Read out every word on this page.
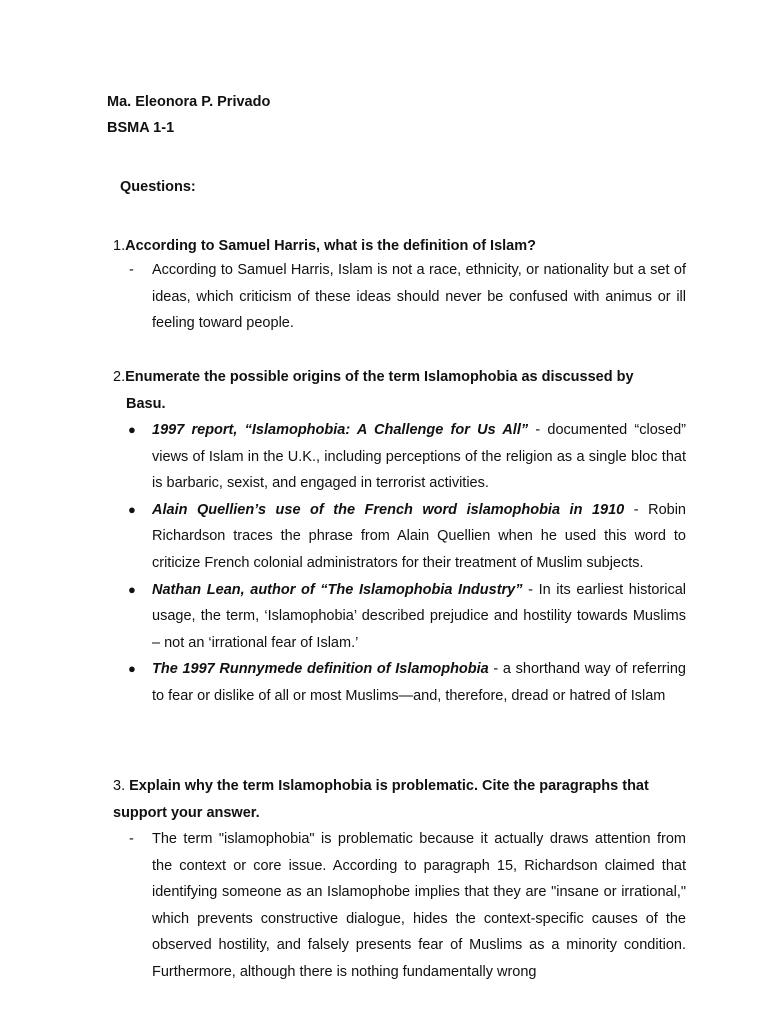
Ma. Eleonora P. Privado
BSMA 1-1
Questions:
1.According to Samuel Harris, what is the definition of Islam?
- According to Samuel Harris, Islam is not a race, ethnicity, or nationality but a set of ideas, which criticism of these ideas should never be confused with animus or ill feeling toward people.
2.Enumerate the possible origins of the term Islamophobia as discussed by
Basu.
● 1997 report, “Islamophobia: A Challenge for Us All” - documented “closed” views of Islam in the U.K., including perceptions of the religion as a single bloc that is barbaric, sexist, and engaged in terrorist activities.
● Alain Quellien’s use of the French word islamophobia in 1910 - Robin Richardson traces the phrase from Alain Quellien when he used this word to criticize French colonial administrators for their treatment of Muslim subjects.
● Nathan Lean, author of “The Islamophobia Industry” - In its earliest historical usage, the term, ‘Islamophobia’ described prejudice and hostility towards Muslims – not an ‘irrational fear of Islam.’
● The 1997 Runnymede definition of Islamophobia - a shorthand way of referring to fear or dislike of all or most Muslims—and, therefore, dread or hatred of Islam
3. Explain why the term Islamophobia is problematic. Cite the paragraphs that
support your answer.
- The term "islamophobia" is problematic because it actually draws attention from the context or core issue. According to paragraph 15, Richardson claimed that identifying someone as an Islamophobe implies that they are "insane or irrational," which prevents constructive dialogue, hides the context-specific causes of the observed hostility, and falsely presents fear of Muslims as a minority condition. Furthermore, although there is nothing fundamentally wrong
